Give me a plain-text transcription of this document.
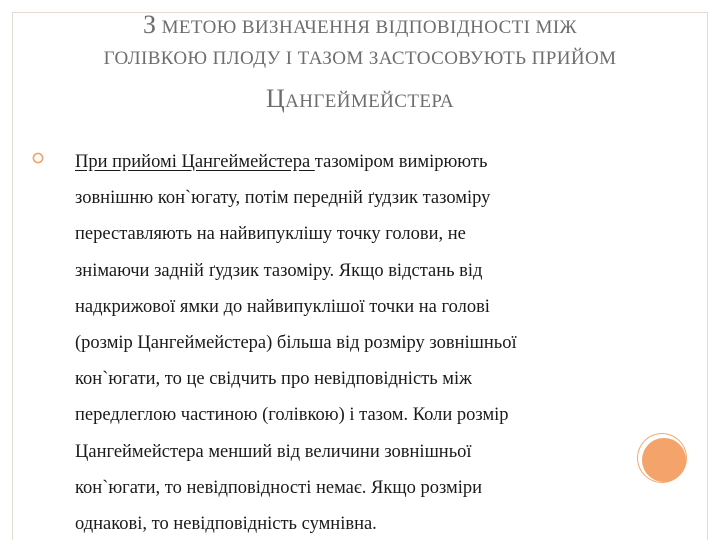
З МЕТОЮ ВИЗНАЧЕННЯ ВІДПОВІДНОСТІ МІЖ
ГОЛІВКОЮ ПЛОДУ І ТАЗОМ ЗАСТОСОВУЮТЬ ПРИЙОМ
ЦАНГЕЙМЕЙСТЕРА
При прийомі Цангеймейстера тазоміром вимірюють
зовнішню кон`югату, потім передній ґудзик тазоміру
переставляють на найвипуклішу точку голови, не
знімаючи задній ґудзик тазоміру. Якщо відстань від
надкрижової ямки до найвипуклішої точки на голові
(розмір Цангеймейстера) більша від розміру зовнішньої
кон`югати, то це свідчить про невідповідність між
передлеглою частиною (голівкою) і тазом. Коли розмір
Цангеймейстера менший від величини зовнішньої
кон`югати, то невідповідності немає. Якщо розміри
однакові, то невідповідність сумнівна.
